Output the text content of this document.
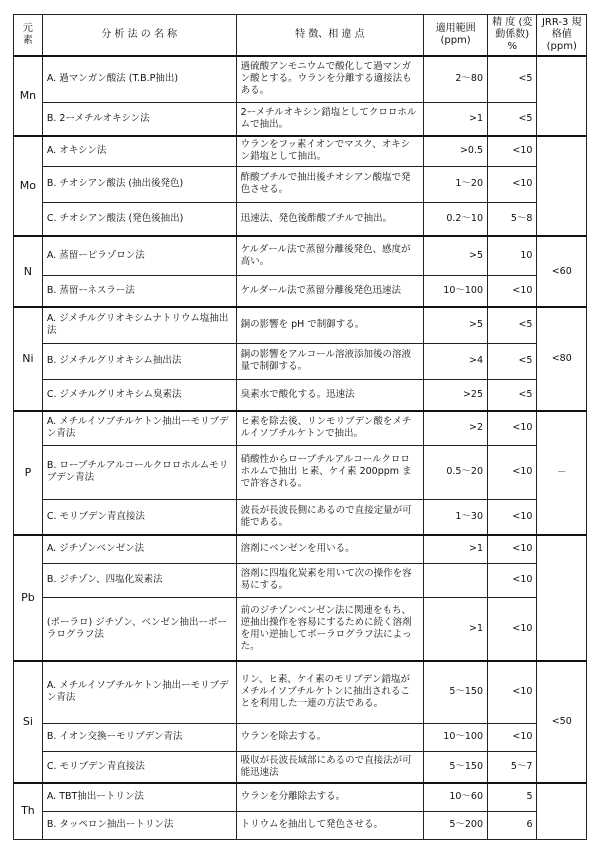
元素	分 析 法 の 名 称	特 徴、相 違 点	適用範囲 (ppm)	精 度 (変動係数) %	JRR-3 規格値 (ppm)
Mn	A. 過マンガン酸法 (T.B.P抽出)	過硫酸アンモニウムで酸化して過マンガン酸とする。ウランを分離する適接法もある。	2～80	<5	
	B. 2ーメチルオキシン法	2ーメチルオキシン錯塩としてクロロホルムで抽出。	>1	<5	
Mo	A. オキシン法	ウランをフッ素イオンでマスク、オキシン錯塩として抽出。	>0.5	<10	
	B. チオシアン酸法 (抽出後発色)	酢酸ブチルで抽出後チオシアン酸塩で発色させる。	1～20	<10	
	C. チオシアン酸法 (発色後抽出)	迅速法、発色後酢酸ブチルで抽出。	0.2～10	5～8	
N	A. 蒸留ーピラゾロン法	ケルダール法で蒸留分離後発色、感度が高い。	>5	10	<60
	B. 蒸留ーネスラー法	ケルダール法で蒸留分離後発色迅速法	10～100	<10	
Ni	A. ジメチルグリオキシムナトリウム塩抽出法	銅の影響を pH で制御する。	>5	<5	<80
	B. ジメチルグリオキシム抽出法	銅の影響をアルコール溶液添加後の溶液量で制御する。	>4	<5	
	C. ジメチルグリオキシム臭素法	臭素水で酸化する。迅速法	>25	<5	
P	A. メチルイソブチルケトン抽出ーモリブデン青法	ヒ素を除去後、リンモリブデン酸をメチルイソブチルケトンで抽出。	>2	<10	－
	B. ローブチルアルコールクロロホルムモリブデン青法	硝酸性からローブチルアルコールクロロホルムで抽出 ヒ素、ケイ素 200ppm まで許容される。	0.5～20	<10	
	C. モリブデン青直接法	波長が長波長側にあるので直接定量が可能である。	1～30	<10	
Pb	A. ジチゾンベンゼン法	溶剤にベンゼンを用いる。	>1	<10	
	B. ジチゾン、四塩化炭素法	溶剤に四塩化炭素を用いて次の操作を容易にする。		<10	
	(ポーラロ) ジチゾン、ベンゼン抽出ーポーラログラフ法	前のジチゾンベンゼン法に関連をもち、逆抽出操作を容易にするために続く溶剤を用い逆抽してポーラログラフ法によった。	>1	<10	
Si	A. メチルイソブチルケトン抽出ーモリブデン青法	リン、ヒ素、ケイ素のモリブデン錯塩がメチルイソブチルケトンに抽出されることを利用した一連の方法である。	5～150	<10	<50
	B. イオン交換ーモリブデン青法	ウランを除去する。	10～100	<10	
	C. モリブデン青直接法	吸収が長波長域部にあるので直接法が可能迅速法	5～150	5～7	
Th	A. TBT抽出ートリン法	ウランを分離除去する。	10～60	5	
	B. タッペロン抽出ートリン法	トリウムを抽出して発色させる。	5～200	6	
